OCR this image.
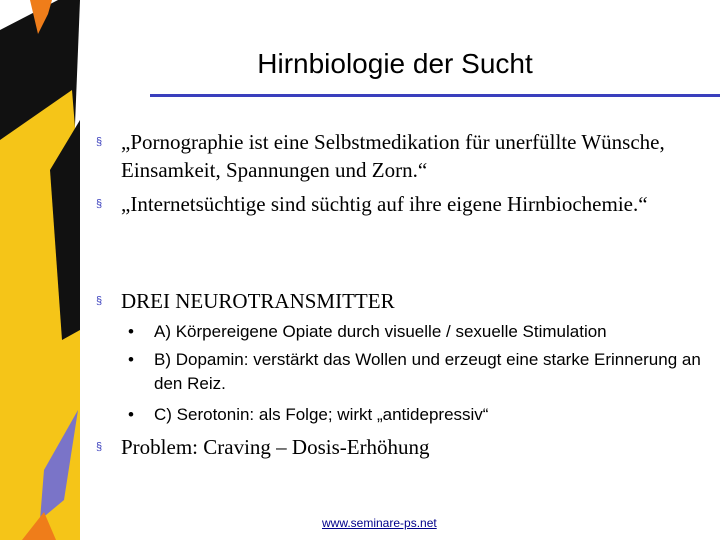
Hirnbiologie der Sucht
§ „Pornographie ist eine Selbstmedikation für unerfüllte Wünsche, Einsamkeit, Spannungen und Zorn.“
§ „Internetsüchtige sind süchtig auf ihre eigene Hirnbiochemie.“
§ DREI NEUROTRANSMITTER
• A) Körpereigene Opiate durch visuelle / sexuelle Stimulation
• B) Dopamin: verstärkt das Wollen und erzeugt eine starke Erinnerung an den Reiz.
• C) Serotonin: als Folge; wirkt „antidepressiv“
§ Problem: Craving – Dosis-Erhöhung
www.seminare-ps.net
